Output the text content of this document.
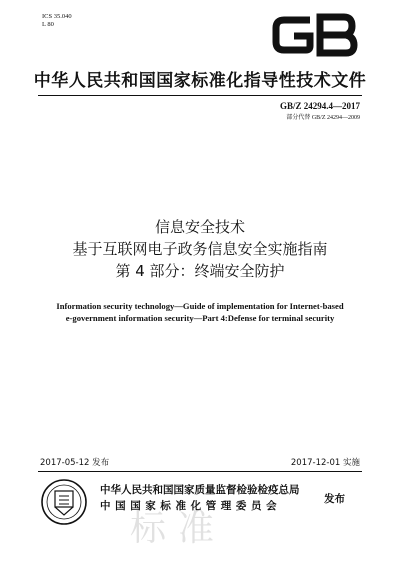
ICS 35.040
L 80
中华人民共和国国家标准化指导性技术文件
GB/Z 24294.4—2017
部分代替 GB/Z 24294—2009
信息安全技术
基于互联网电子政务信息安全实施指南
第 4 部分：终端安全防护
Information security technology—Guide of implementation for Internet-based
e-government information security—Part 4:Defense for terminal security
2017-05-12 发布	2017-12-01 实施
中华人民共和国国家质量监督检验检疫总局
中国国家标准化管理委员会
发布
标准
